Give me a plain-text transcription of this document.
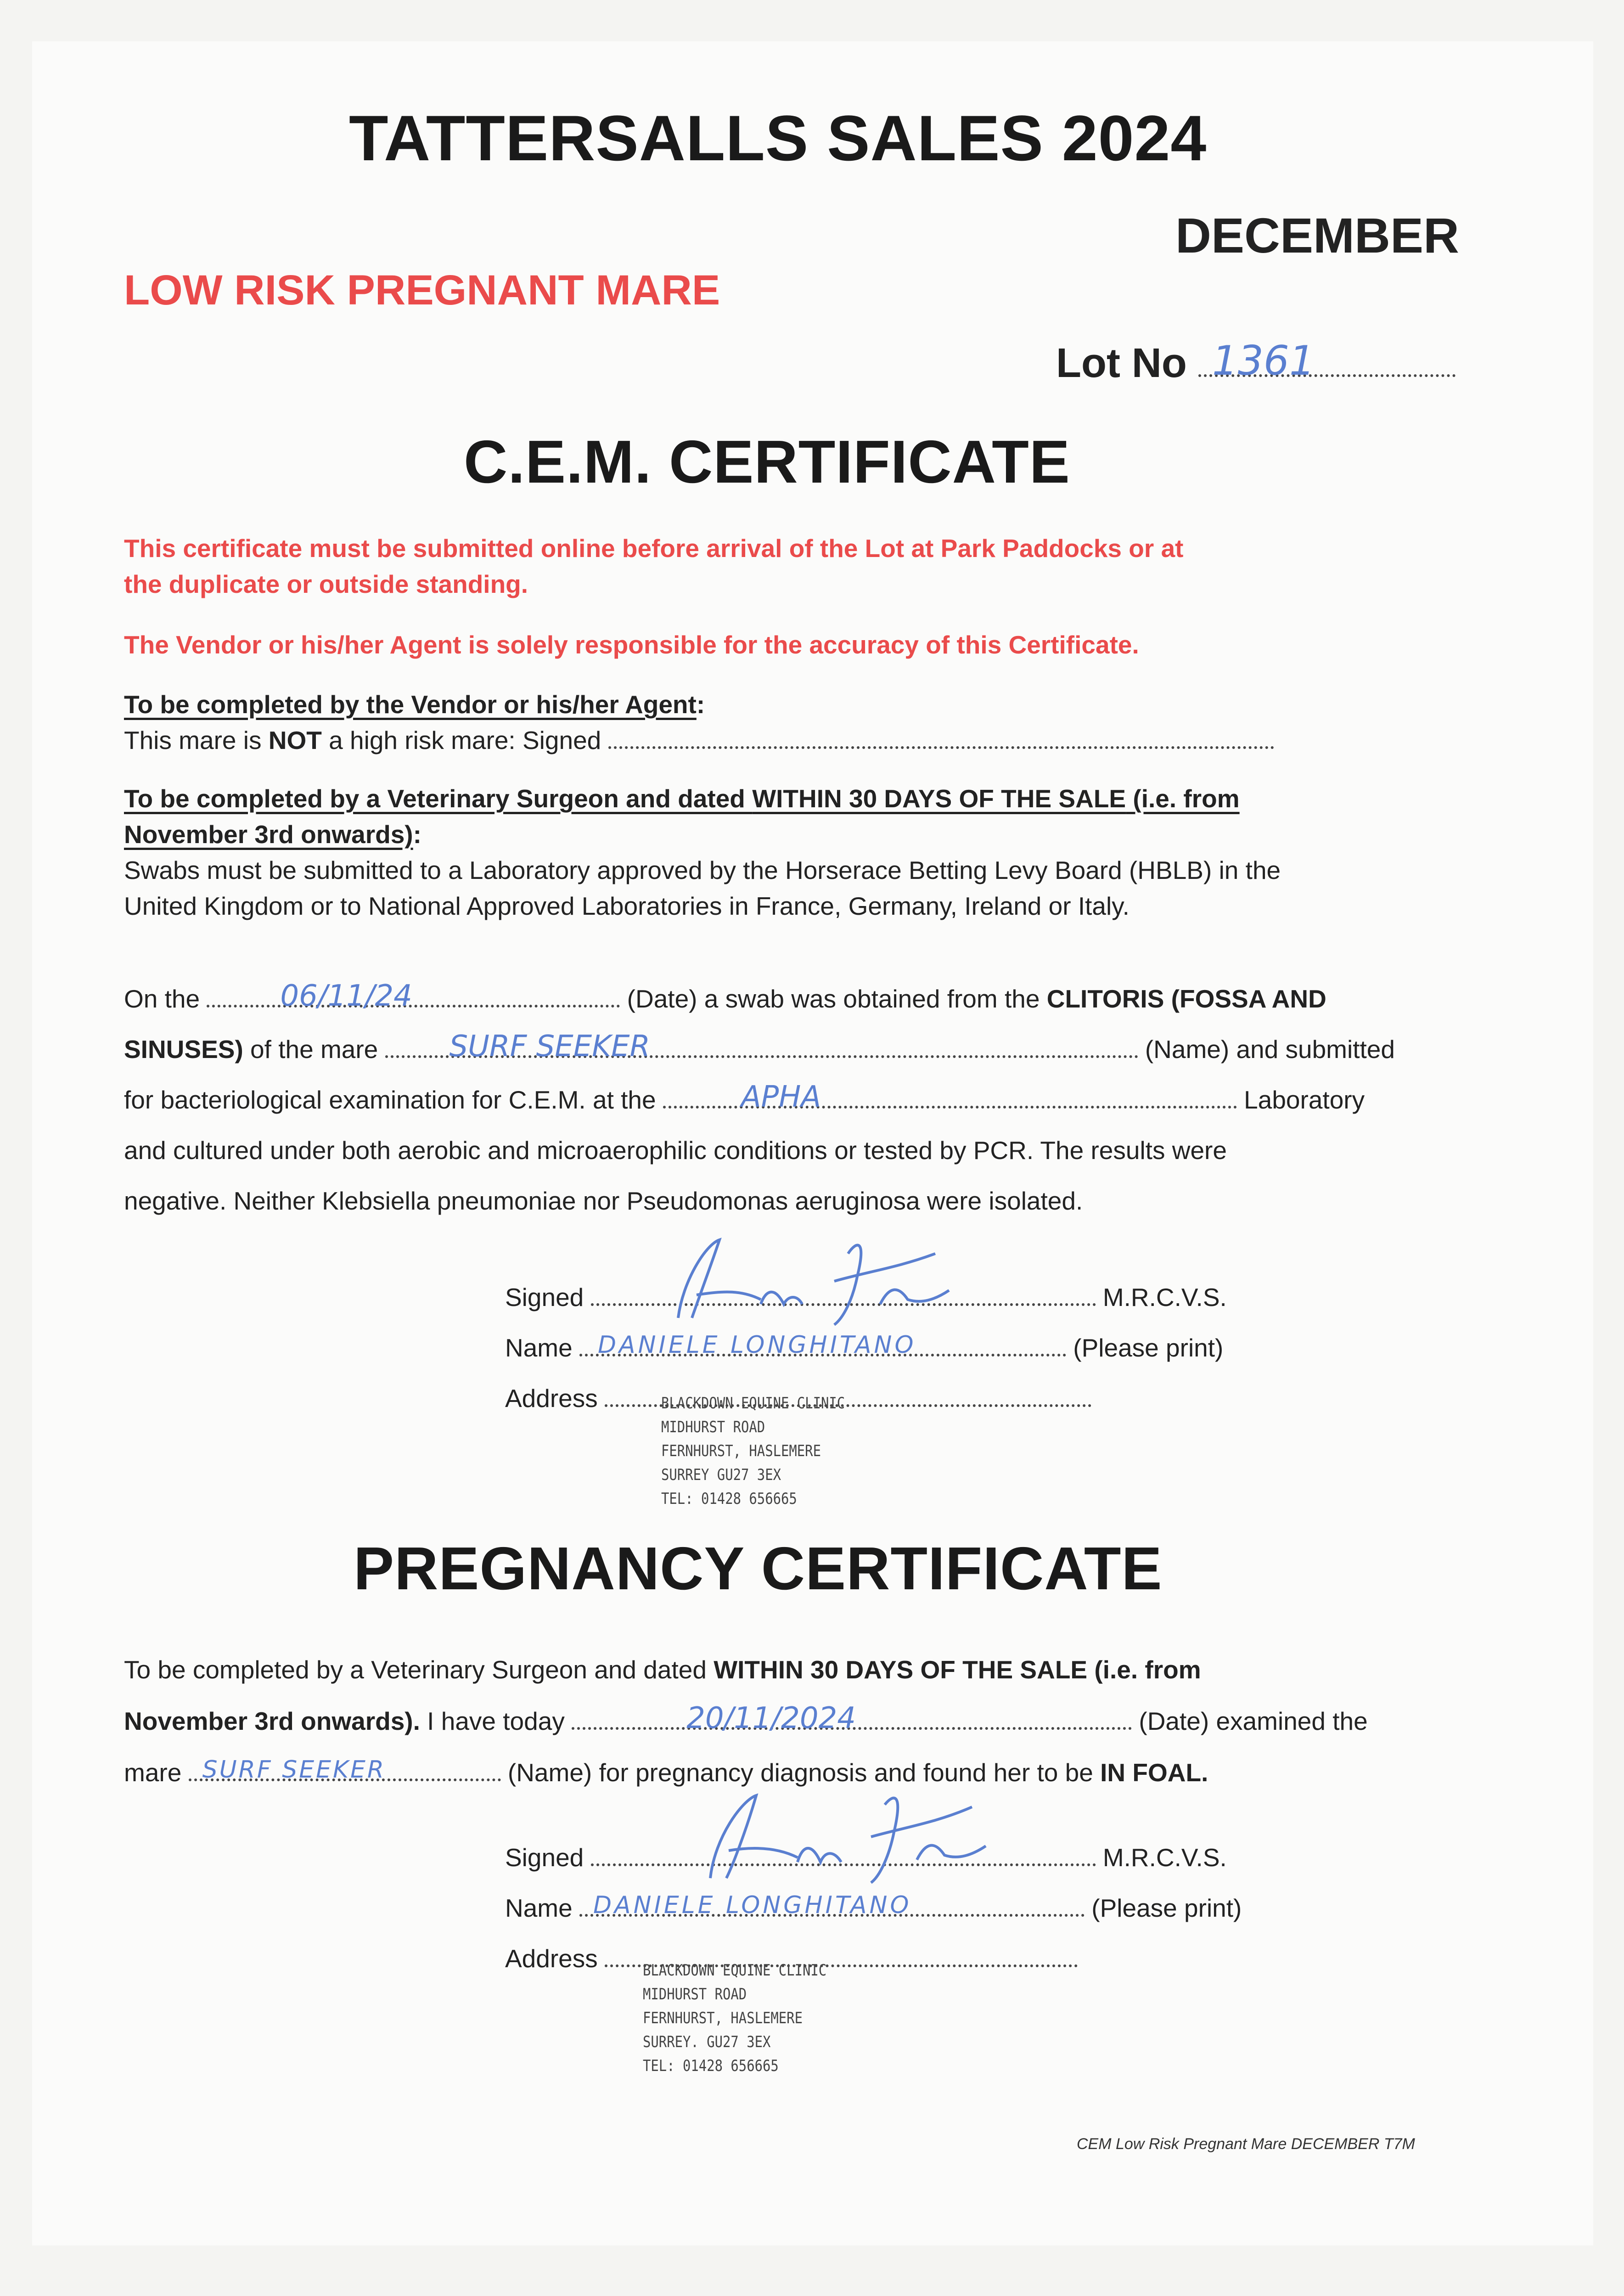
TATTERSALLS SALES 2024
DECEMBER
LOW RISK PREGNANT MARE
Lot No 1361
C.E.M. CERTIFICATE
This certificate must be submitted online before arrival of the Lot at Park Paddocks or at
the duplicate or outside standing.
The Vendor or his/her Agent is solely responsible for the accuracy of this Certificate.
To be completed by the Vendor or his/her Agent:
This mare is NOT a high risk mare: Signed
To be completed by a Veterinary Surgeon and dated WITHIN 30 DAYS OF THE SALE (i.e. from
November 3rd onwards):
Swabs must be submitted to a Laboratory approved by the Horserace Betting Levy Board (HBLB) in the
United Kingdom or to National Approved Laboratories in France, Germany, Ireland or Italy.
On the	06/11/24	(Date) a swab was obtained from the CLITORIS (FOSSA AND
SINUSES) of the mare SURF SEEKER	(Name) and submitted
for bacteriological examination for C.E.M. at the	APHA	Laboratory
and cultured under both aerobic and microaerophilic conditions or tested by PCR. The results were
negative. Neither Klebsiella pneumoniae nor Pseudomonas aeruginosa were isolated.
Signed	M.R.C.V.S.
Name DANIELE LONGHITANO	(Please print)
Address	BLACKDOWN EQUINE CLINIC
MIDHURST ROAD
FERNHURST, HASLEMERE
SURREY GU27 3EX
TEL: 01428 656665
PREGNANCY CERTIFICATE
To be completed by a Veterinary Surgeon and dated WITHIN 30 DAYS OF THE SALE (i.e. from
November 3rd onwards). I have today	20/11/2024	(Date) examined the
mare SURF SEEKER	(Name) for pregnancy diagnosis and found her to be IN FOAL.
Signed	M.R.C.V.S.
Name DANIELE LONGHITANO	(Please print)
Address	BLACKDOWN EQUINE CLINIC
MIDHURST ROAD
FERNHURST, HASLEMERE
SURREY. GU27 3EX
TEL: 01428 656665
CEM Low Risk Pregnant Mare DECEMBER T7M
